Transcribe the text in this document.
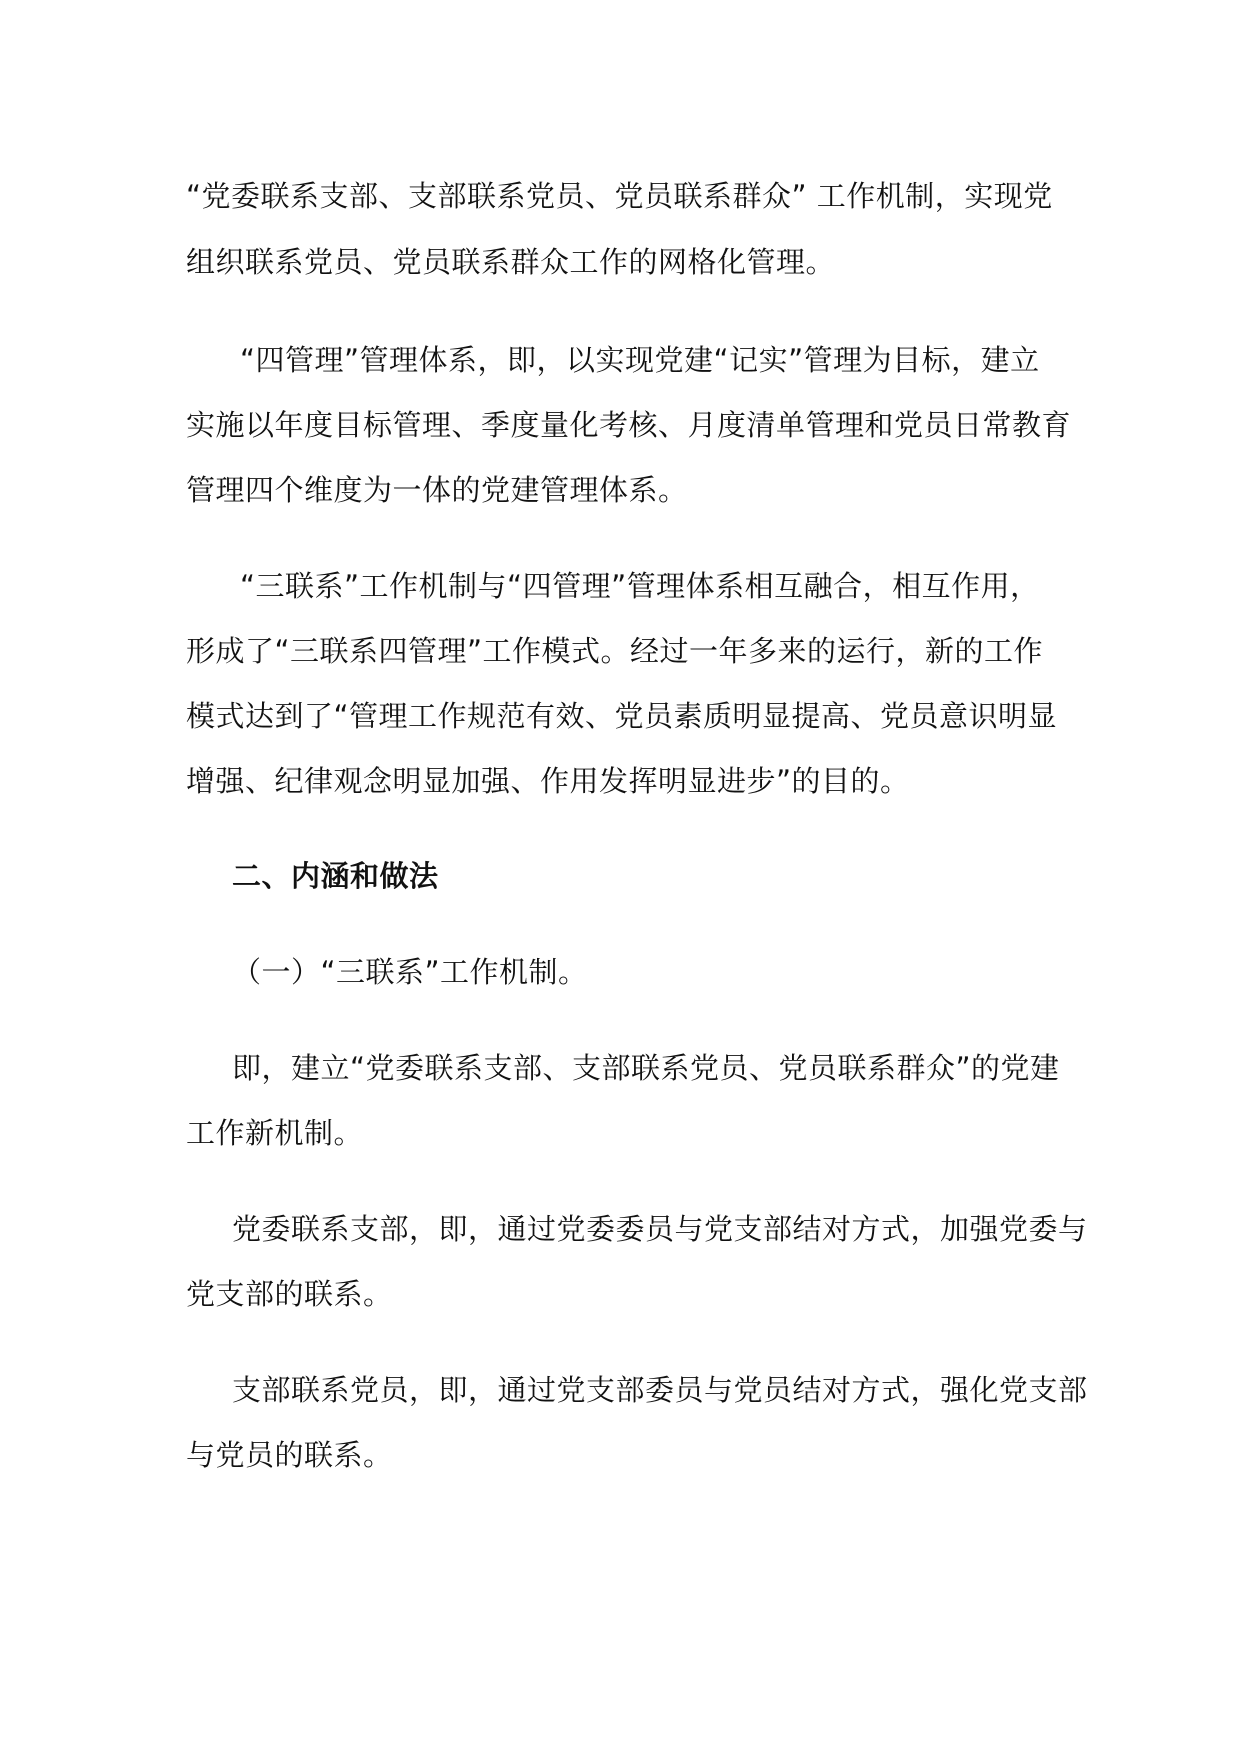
“党委联系支部、支部联系党员、党员联系群众” 工作机制，实现党
组织联系党员、党员联系群众工作的网格化管理。
“四管理”管理体系，即，以实现党建“记实”管理为目标，建立
实施以年度目标管理、季度量化考核、月度清单管理和党员日常教育
管理四个维度为一体的党建管理体系。
“三联系”工作机制与“四管理”管理体系相互融合，相互作用，
形成了“三联系四管理”工作模式。经过一年多来的运行，新的工作
模式达到了“管理工作规范有效、党员素质明显提高、党员意识明显
增强、纪律观念明显加强、作用发挥明显进步”的目的。
二、内涵和做法
（一）“三联系”工作机制。
即，建立“党委联系支部、支部联系党员、党员联系群众”的党建
工作新机制。
党委联系支部，即，通过党委委员与党支部结对方式，加强党委与
党支部的联系。
支部联系党员，即，通过党支部委员与党员结对方式，强化党支部
与党员的联系。
